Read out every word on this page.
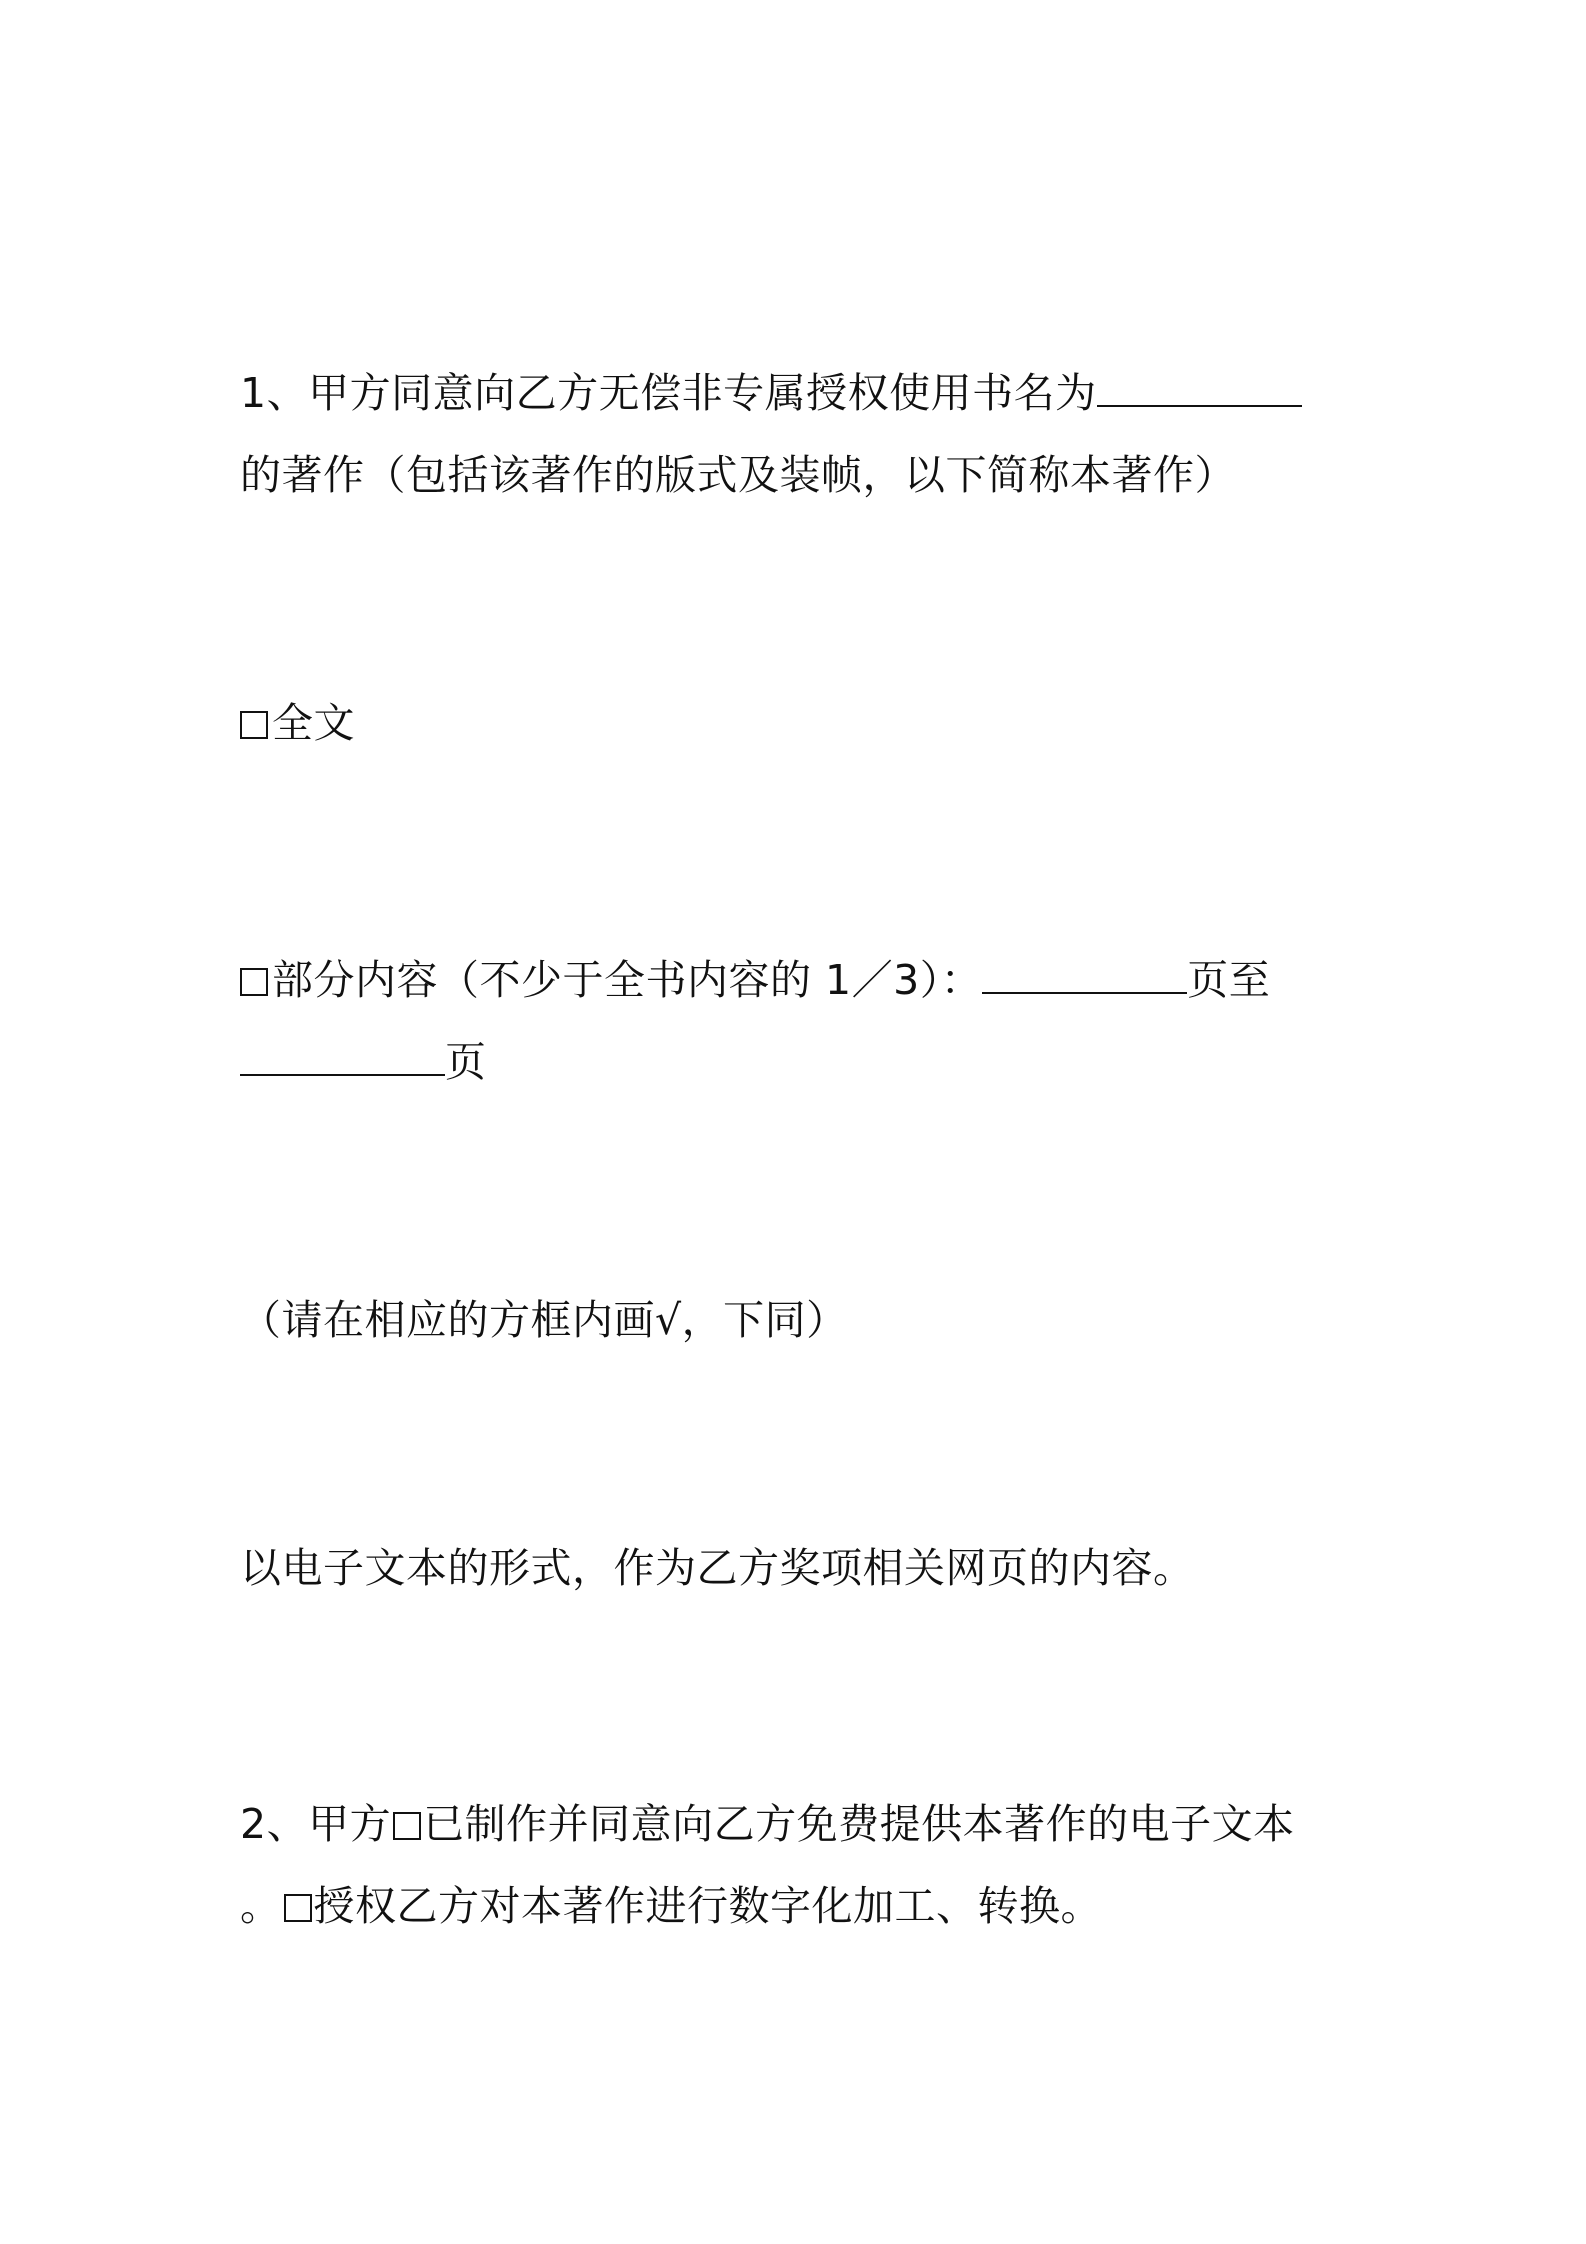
1、甲方同意向乙方无偿非专属授权使用书名为
的著作（包括该著作的版式及装帧，以下简称本著作）
全文
部分内容（不少于全书内容的 1／3）：	页至
页
（请在相应的方框内画√，下同）
以电子文本的形式，作为乙方奖项相关网页的内容。
2、甲方 已制作并同意向乙方免费提供本著作的电子文本
。 授权乙方对本著作进行数字化加工、转换。
